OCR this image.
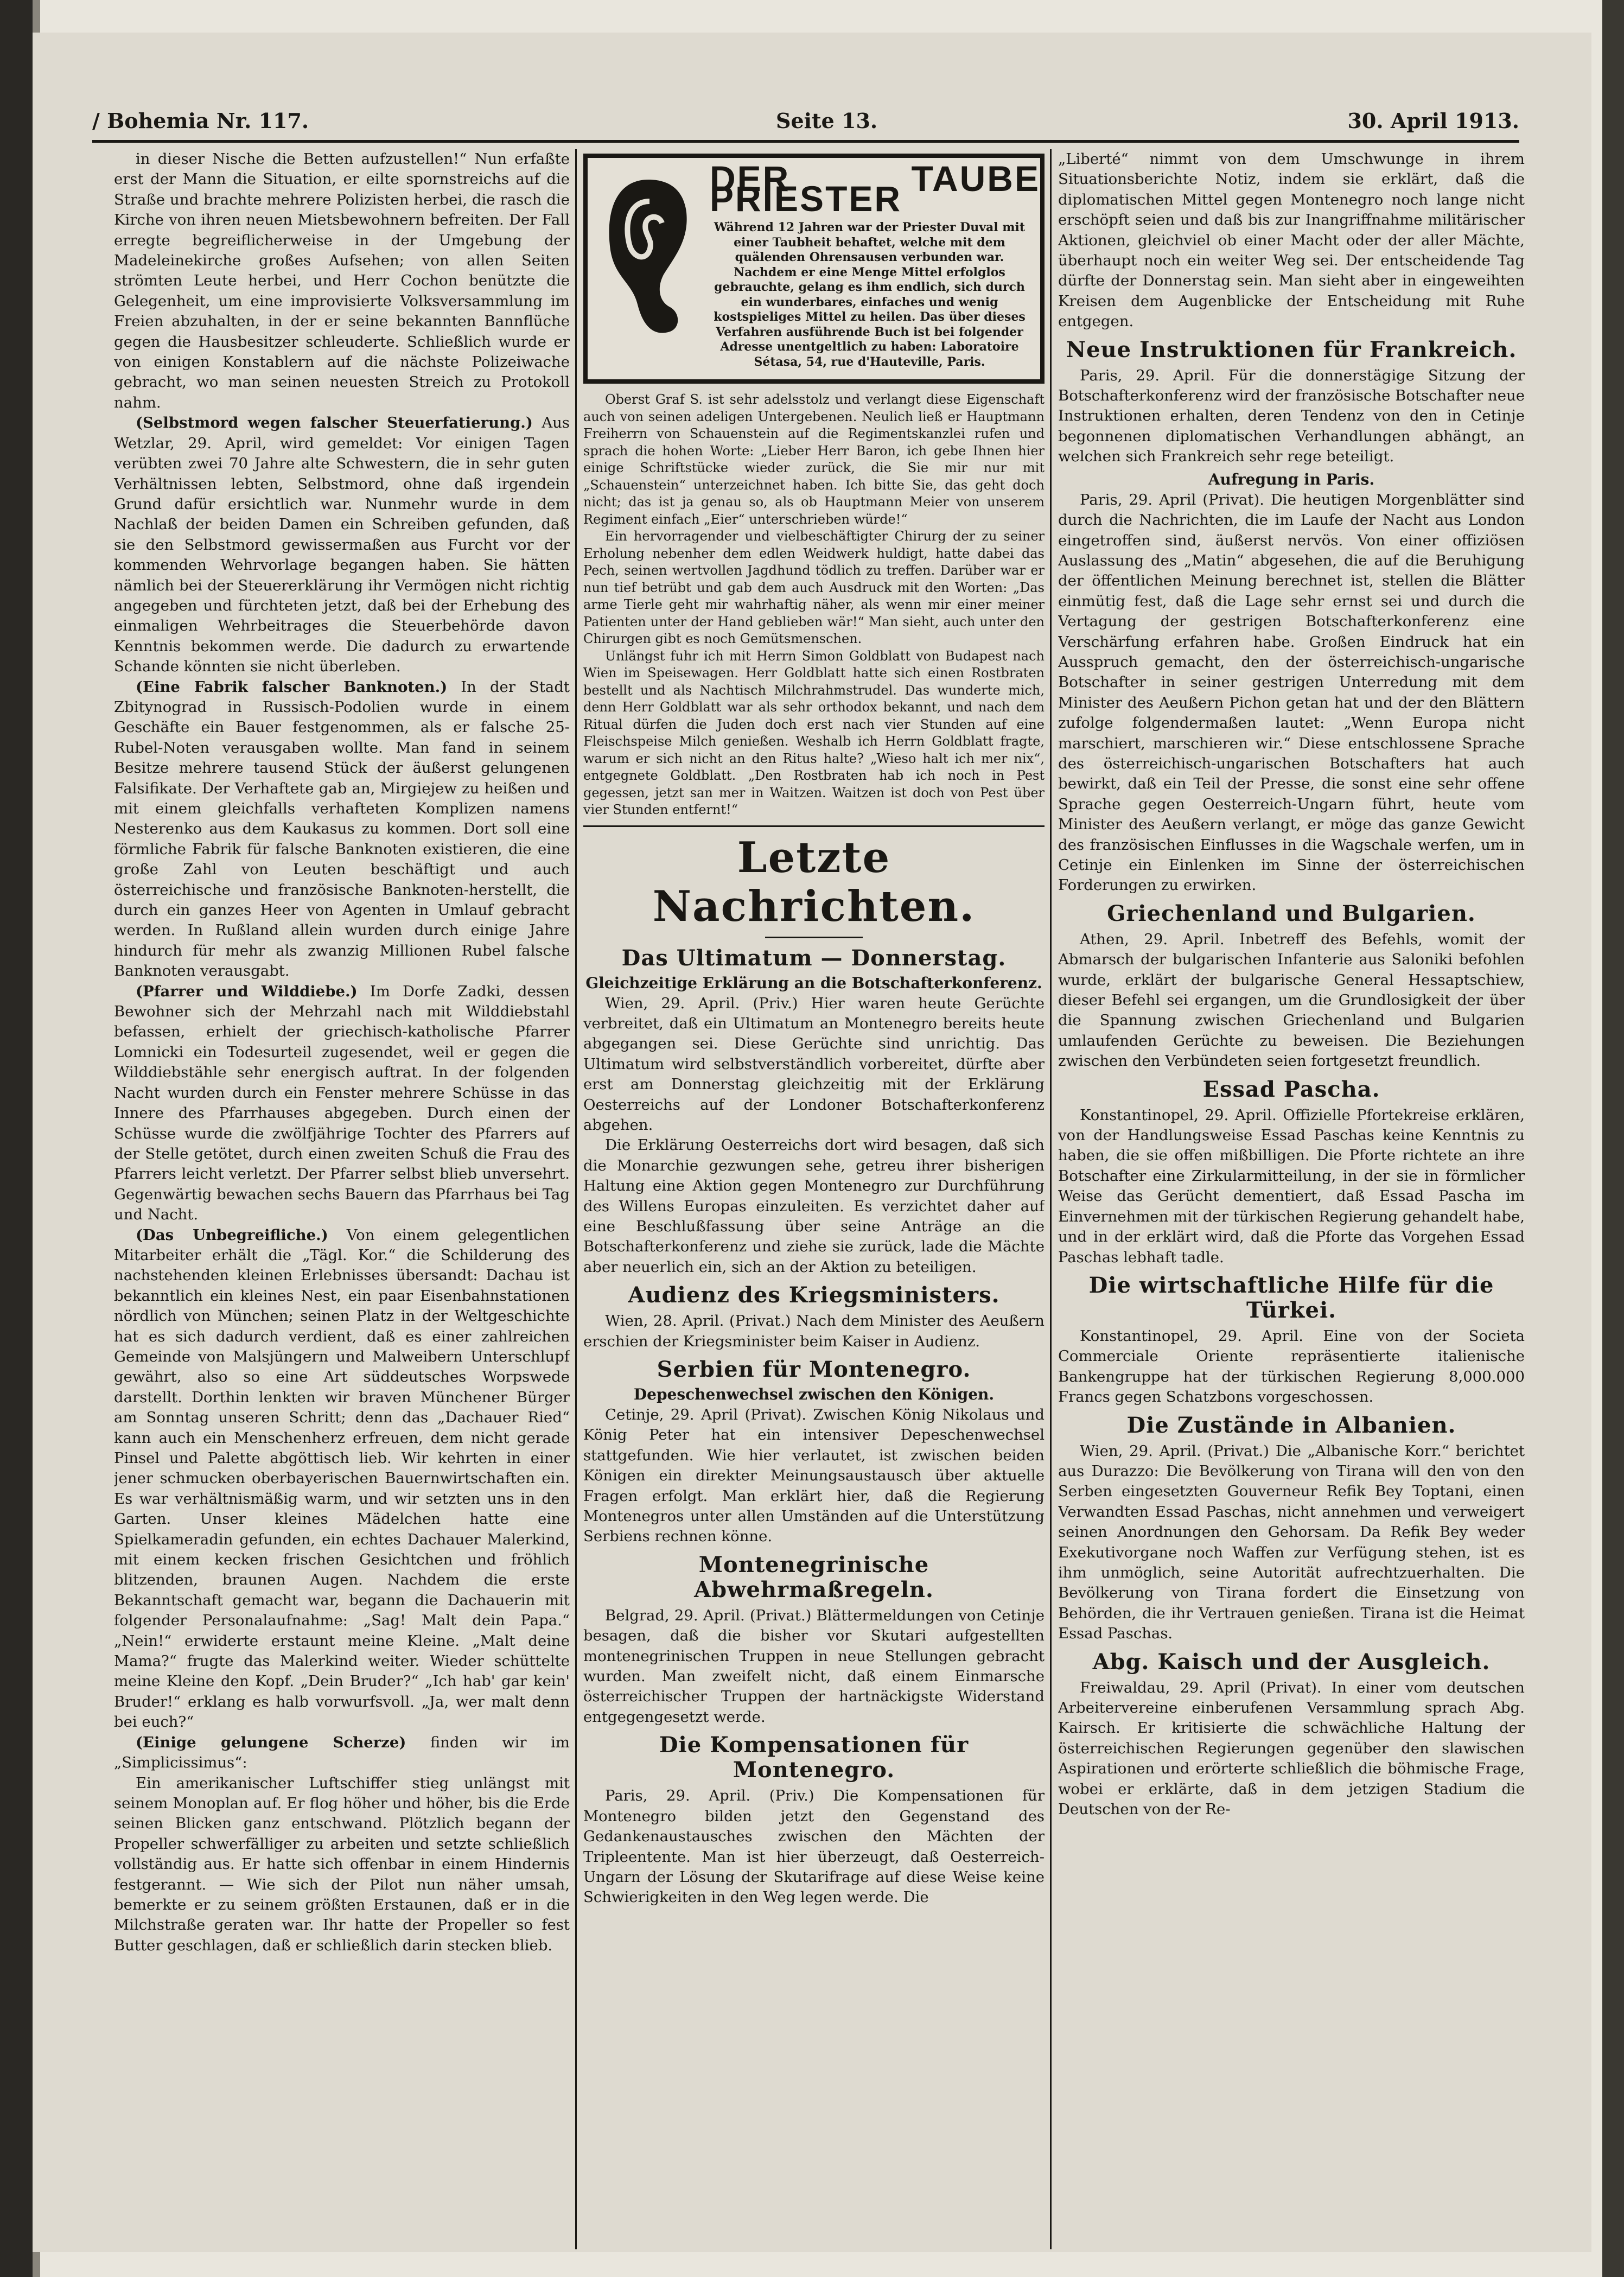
/ Bohemia Nr. 117.	Seite 13.	30. April 1913.

in dieser Nische die Betten aufzustellen!“ Nun erfaßte erst der Mann die Situation, er eilte spornstreichs auf die Straße und brachte mehrere Polizisten herbei, die rasch die Kirche von ihren neuen Mietsbewohnern befreiten. Der Fall erregte begreiflicherweise in der Umgebung der Madeleinekirche großes Aufsehen; von allen Seiten strömten Leute herbei, und Herr Cochon benützte die Gelegenheit, um eine improvisierte Volksversammlung im Freien abzuhalten, in der er seine bekannten Bannflüche gegen die Hausbesitzer schleuderte. Schließlich wurde er von einigen Konstablern auf die nächste Polizeiwache gebracht, wo man seinen neuesten Streich zu Protokoll nahm.

(Selbstmord wegen falscher Steuerfatierung.) Aus Wetzlar, 29. April, wird gemeldet: Vor einigen Tagen verübten zwei 70 Jahre alte Schwestern, die in sehr guten Verhältnissen lebten, Selbstmord, ohne daß irgendein Grund dafür ersichtlich war. Nunmehr wurde in dem Nachlaß der beiden Damen ein Schreiben gefunden, daß sie den Selbstmord gewissermaßen aus Furcht vor der kommenden Wehrvorlage begangen haben. Sie hätten nämlich bei der Steuererklärung ihr Vermögen nicht richtig angegeben und fürchteten jetzt, daß bei der Erhebung des einmaligen Wehrbeitrages die Steuerbehörde davon Kenntnis bekommen werde. Die dadurch zu erwartende Schande könnten sie nicht überleben.

(Eine Fabrik falscher Banknoten.) In der Stadt Zbitynograd in Russisch-Podolien wurde in einem Geschäfte ein Bauer festgenommen, als er falsche 25-Rubel-Noten verausgaben wollte. Man fand in seinem Besitze mehrere tausend Stück der äußerst gelungenen Falsifikate. Der Verhaftete gab an, Mirgiejew zu heißen und mit einem gleichfalls verhafteten Komplizen namens Nesterenko aus dem Kaukasus zu kommen. Dort soll eine förmliche Fabrik für falsche Banknoten existieren, die eine große Zahl von Leuten beschäftigt und auch österreichische und französische Banknoten-herstellt, die durch ein ganzes Heer von Agenten in Umlauf gebracht werden. In Rußland allein wurden durch einige Jahre hindurch für mehr als zwanzig Millionen Rubel falsche Banknoten verausgabt.

(Pfarrer und Wilddiebe.) Im Dorfe Zadki, dessen Bewohner sich der Mehrzahl nach mit Wilddiebstahl befassen, erhielt der griechisch-katholische Pfarrer Lomnicki ein Todesurteil zugesendet, weil er gegen die Wilddiebstähle sehr energisch auftrat. In der folgenden Nacht wurden durch ein Fenster mehrere Schüsse in das Innere des Pfarrhauses abgegeben. Durch einen der Schüsse wurde die zwölfjährige Tochter des Pfarrers auf der Stelle getötet, durch einen zweiten Schuß die Frau des Pfarrers leicht verletzt. Der Pfarrer selbst blieb unversehrt. Gegenwärtig bewachen sechs Bauern das Pfarrhaus bei Tag und Nacht.

(Das Unbegreifliche.) Von einem gelegentlichen Mitarbeiter erhält die „Tägl. Kor.“ die Schilderung des nachstehenden kleinen Erlebnisses übersandt: Dachau ist bekanntlich ein kleines Nest, ein paar Eisenbahnstationen nördlich von München; seinen Platz in der Weltgeschichte hat es sich dadurch verdient, daß es einer zahlreichen Gemeinde von Malsjüngern und Malweibern Unterschlupf gewährt, also so eine Art süddeutsches Worpswede darstellt. Dorthin lenkten wir braven Münchener Bürger am Sonntag unseren Schritt; denn das „Dachauer Ried“ kann auch ein Menschenherz erfreuen, dem nicht gerade Pinsel und Palette abgöttisch lieb. Wir kehrten in einer jener schmucken oberbayerischen Bauernwirtschaften ein. Es war verhältnismäßig warm, und wir setzten uns in den Garten. Unser kleines Mädelchen hatte eine Spielkameradin gefunden, ein echtes Dachauer Malerkind, mit einem kecken frischen Gesichtchen und fröhlich blitzenden, braunen Augen. Nachdem die erste Bekanntschaft gemacht war, begann die Dachauerin mit folgender Personalaufnahme: „Sag! Malt dein Papa.“ „Nein!“ erwiderte erstaunt meine Kleine. „Malt deine Mama?“ frugte das Malerkind weiter. Wieder schüttelte meine Kleine den Kopf. „Dein Bruder?“ „Ich hab' gar kein' Bruder!“ erklang es halb vorwurfsvoll. „Ja, wer malt denn bei euch?“

(Einige gelungene Scherze) finden wir im „Simplicissimus“:

Ein amerikanischer Luftschiffer stieg unlängst mit seinem Monoplan auf. Er flog höher und höher, bis die Erde seinen Blicken ganz entschwand. Plötzlich begann der Propeller schwerfälliger zu arbeiten und setzte schließlich vollständig aus. Er hatte sich offenbar in einem Hindernis festgerannt. — Wie sich der Pilot nun näher umsah, bemerkte er zu seinem größten Erstaunen, daß er in die Milchstraße geraten war. Ihr hatte der Propeller so fest Butter geschlagen, daß er schließlich darin stecken blieb.

DER TAUBE PRIESTER
Während 12 Jahren war der Priester Duval mit einer Taubheit behaftet, welche mit dem quälenden Ohrensausen verbunden war. Nachdem er eine Menge Mittel erfolglos gebrauchte, gelang es ihm endlich, sich durch ein wunderbares, einfaches und wenig kostspieliges Mittel zu heilen. Das über dieses Verfahren ausführende Buch ist bei folgender Adresse unentgeltlich zu haben: Laboratoire Sétasa, 54, rue d'Hauteville, Paris.

Oberst Graf S. ist sehr adelsstolz und verlangt diese Eigenschaft auch von seinen adeligen Untergebenen. Neulich ließ er Hauptmann Freiherrn von Schauenstein auf die Regimentskanzlei rufen und sprach die hohen Worte: „Lieber Herr Baron, ich gebe Ihnen hier einige Schriftstücke wieder zurück, die Sie mir nur mit „Schauenstein“ unterzeichnet haben. Ich bitte Sie, das geht doch nicht; das ist ja genau so, als ob Hauptmann Meier von unserem Regiment einfach „Eier“ unterschrieben würde!“

Ein hervorragender und vielbeschäftigter Chirurg der zu seiner Erholung nebenher dem edlen Weidwerk huldigt, hatte dabei das Pech, seinen wertvollen Jagdhund tödlich zu treffen. Darüber war er nun tief betrübt und gab dem auch Ausdruck mit den Worten: „Das arme Tierle geht mir wahrhaftig näher, als wenn mir einer meiner Patienten unter der Hand geblieben wär!“ Man sieht, auch unter den Chirurgen gibt es noch Gemütsmenschen.

Unlängst fuhr ich mit Herrn Simon Goldblatt von Budapest nach Wien im Speisewagen. Herr Goldblatt hatte sich einen Rostbraten bestellt und als Nachtisch Milchrahmstrudel. Das wunderte mich, denn Herr Goldblatt war als sehr orthodox bekannt, und nach dem Ritual dürfen die Juden doch erst nach vier Stunden auf eine Fleischspeise Milch genießen. Weshalb ich Herrn Goldblatt fragte, warum er sich nicht an den Ritus halte? „Wieso halt ich mer nix“, entgegnete Goldblatt. „Den Rostbraten hab ich noch in Pest gegessen, jetzt san mer in Waitzen. Waitzen ist doch von Pest über vier Stunden entfernt!“

Letzte Nachrichten.
Das Ultimatum — Donnerstag.
Gleichzeitige Erklärung an die Botschafterkonferenz.

Wien, 29. April. (Priv.) Hier waren heute Gerüchte verbreitet, daß ein Ultimatum an Montenegro bereits heute abgegangen sei. Diese Gerüchte sind unrichtig. Das Ultimatum wird selbstverständlich vorbereitet, dürfte aber erst am Donnerstag gleichzeitig mit der Erklärung Oesterreichs auf der Londoner Botschafterkonferenz abgehen.

Die Erklärung Oesterreichs dort wird besagen, daß sich die Monarchie gezwungen sehe, getreu ihrer bisherigen Haltung eine Aktion gegen Montenegro zur Durchführung des Willens Europas einzuleiten. Es verzichtet daher auf eine Beschlußfassung über seine Anträge an die Botschafterkonferenz und ziehe sie zurück, lade die Mächte aber neuerlich ein, sich an der Aktion zu beteiligen.

Audienz des Kriegsministers.

Wien, 28. April. (Privat.) Nach dem Minister des Aeußern erschien der Kriegsminister beim Kaiser in Audienz.

Serbien für Montenegro.
Depeschenwechsel zwischen den Königen.

Cetinje, 29. April (Privat). Zwischen König Nikolaus und König Peter hat ein intensiver Depeschenwechsel stattgefunden. Wie hier verlautet, ist zwischen beiden Königen ein direkter Meinungsaustausch über aktuelle Fragen erfolgt. Man erklärt hier, daß die Regierung Montenegros unter allen Umständen auf die Unterstützung Serbiens rechnen könne.

Montenegrinische Abwehrmaßregeln.

Belgrad, 29. April. (Privat.) Blättermeldungen von Cetinje besagen, daß die bisher vor Skutari aufgestellten montenegrinischen Truppen in neue Stellungen gebracht wurden. Man zweifelt nicht, daß einem Einmarsche österreichischer Truppen der hartnäckigste Widerstand entgegengesetzt werde.

Die Kompensationen für Montenegro.

Paris, 29. April. (Priv.) Die Kompensationen für Montenegro bilden jetzt den Gegenstand des Gedankenaustausches zwischen den Mächten der Tripleentente. Man ist hier überzeugt, daß Oesterreich-Ungarn der Lösung der Skutarifrage auf diese Weise keine Schwierigkeiten in den Weg legen werde. Die

„Liberté“ nimmt von dem Umschwunge in ihrem Situationsberichte Notiz, indem sie erklärt, daß die diplomatischen Mittel gegen Montenegro noch lange nicht erschöpft seien und daß bis zur Inangriffnahme militärischer Aktionen, gleichviel ob einer Macht oder der aller Mächte, überhaupt noch ein weiter Weg sei. Der entscheidende Tag dürfte der Donnerstag sein. Man sieht aber in eingeweihten Kreisen dem Augenblicke der Entscheidung mit Ruhe entgegen.

Neue Instruktionen für Frankreich.

Paris, 29. April. Für die donnerstägige Sitzung der Botschafterkonferenz wird der französische Botschafter neue Instruktionen erhalten, deren Tendenz von den in Cetinje begonnenen diplomatischen Verhandlungen abhängt, an welchen sich Frankreich sehr rege beteiligt.

Aufregung in Paris.

Paris, 29. April (Privat). Die heutigen Morgenblätter sind durch die Nachrichten, die im Laufe der Nacht aus London eingetroffen sind, äußerst nervös. Von einer offiziösen Auslassung des „Matin“ abgesehen, die auf die Beruhigung der öffentlichen Meinung berechnet ist, stellen die Blätter einmütig fest, daß die Lage sehr ernst sei und durch die Vertagung der gestrigen Botschafterkonferenz eine Verschärfung erfahren habe. Großen Eindruck hat ein Ausspruch gemacht, den der österreichisch-ungarische Botschafter in seiner gestrigen Unterredung mit dem Minister des Aeußern Pichon getan hat und der den Blättern zufolge folgendermaßen lautet: „Wenn Europa nicht marschiert, marschieren wir.“ Diese entschlossene Sprache des österreichisch-ungarischen Botschafters hat auch bewirkt, daß ein Teil der Presse, die sonst eine sehr offene Sprache gegen Oesterreich-Ungarn führt, heute vom Minister des Aeußern verlangt, er möge das ganze Gewicht des französischen Einflusses in die Wagschale werfen, um in Cetinje ein Einlenken im Sinne der österreichischen Forderungen zu erwirken.

Griechenland und Bulgarien.

Athen, 29. April. Inbetreff des Befehls, womit der Abmarsch der bulgarischen Infanterie aus Saloniki befohlen wurde, erklärt der bulgarische General Hessaptschiew, dieser Befehl sei ergangen, um die Grundlosigkeit der über die Spannung zwischen Griechenland und Bulgarien umlaufenden Gerüchte zu beweisen. Die Beziehungen zwischen den Verbündeten seien fortgesetzt freundlich.

Essad Pascha.

Konstantinopel, 29. April. Offizielle Pfortekreise erklären, von der Handlungsweise Essad Paschas keine Kenntnis zu haben, die sie offen mißbilligen. Die Pforte richtete an ihre Botschafter eine Zirkularmitteilung, in der sie in förmlicher Weise das Gerücht dementiert, daß Essad Pascha im Einvernehmen mit der türkischen Regierung gehandelt habe, und in der erklärt wird, daß die Pforte das Vorgehen Essad Paschas lebhaft tadle.

Die wirtschaftliche Hilfe für die Türkei.

Konstantinopel, 29. April. Eine von der Societa Commerciale Oriente repräsentierte italienische Bankengruppe hat der türkischen Regierung 8,000.000 Francs gegen Schatzbons vorgeschossen.

Die Zustände in Albanien.

Wien, 29. April. (Privat.) Die „Albanische Korr.“ berichtet aus Durazzo: Die Bevölkerung von Tirana will den von den Serben eingesetzten Gouverneur Refik Bey Toptani, einen Verwandten Essad Paschas, nicht annehmen und verweigert seinen Anordnungen den Gehorsam. Da Refik Bey weder Exekutivorgane noch Waffen zur Verfügung stehen, ist es ihm unmöglich, seine Autorität aufrechtzuerhalten. Die Bevölkerung von Tirana fordert die Einsetzung von Behörden, die ihr Vertrauen genießen. Tirana ist die Heimat Essad Paschas.

Abg. Kaisch und der Ausgleich.

Freiwaldau, 29. April (Privat). In einer vom deutschen Arbeitervereine einberufenen Versammlung sprach Abg. Kairsch. Er kritisierte die schwächliche Haltung der österreichischen Regierungen gegenüber den slawischen Aspirationen und erörterte schließlich die böhmische Frage, wobei er erklärte, daß in dem jetzigen Stadium die Deutschen von der Re-
